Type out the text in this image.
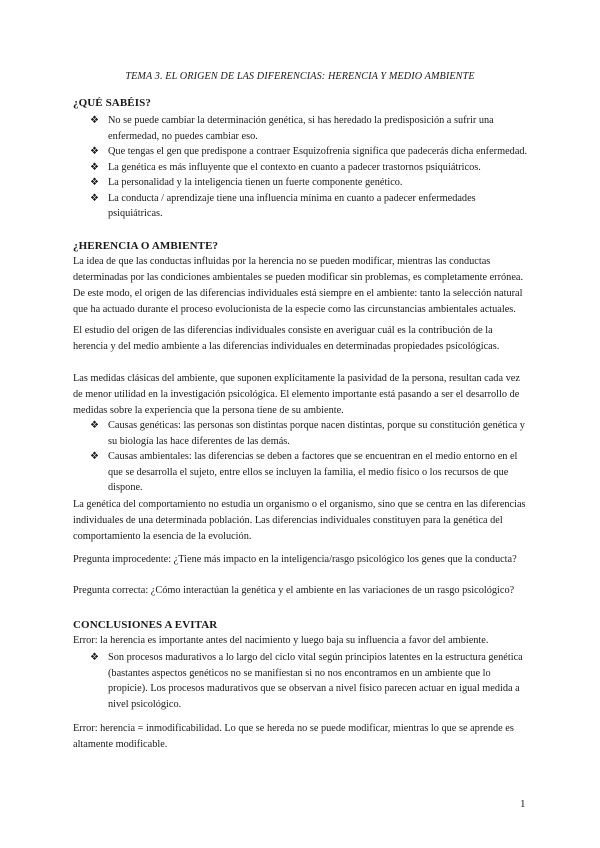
TEMA 3. EL ORIGEN DE LAS DIFERENCIAS: HERENCIA Y MEDIO AMBIENTE
¿QUÉ SABÉIS?
❖ No se puede cambiar la determinación genética, si has heredado la predisposición a sufrir una enfermedad, no puedes cambiar eso.
❖ Que tengas el gen que predispone a contraer Esquizofrenia significa que padecerás dicha enfermedad.
❖ La genética es más influyente que el contexto en cuanto a padecer trastornos psiquiátricos.
❖ La personalidad y la inteligencia tienen un fuerte componente genético.
❖ La conducta / aprendizaje tiene una influencia mínima en cuanto a padecer enfermedades psiquiátricas.
¿HERENCIA O AMBIENTE?
La idea de que las conductas influidas por la herencia no se pueden modificar, mientras las conductas determinadas por las condiciones ambientales se pueden modificar sin problemas, es completamente errónea. De este modo, el origen de las diferencias individuales está siempre en el ambiente: tanto la selección natural que ha actuado durante el proceso evolucionista de la especie como las circunstancias ambientales actuales.
El estudio del origen de las diferencias individuales consiste en averiguar cuál es la contribución de la herencia y del medio ambiente a las diferencias individuales en determinadas propiedades psicológicas.
Las medidas clásicas del ambiente, que suponen explícitamente la pasividad de la persona, resultan cada vez de menor utilidad en la investigación psicológica. El elemento importante está pasando a ser el desarrollo de medidas sobre la experiencia que la persona tiene de su ambiente.
❖ Causas genéticas: las personas son distintas porque nacen distintas, porque su constitución genética y su biología las hace diferentes de las demás.
❖ Causas ambientales: las diferencias se deben a factores que se encuentran en el medio entorno en el que se desarrolla el sujeto, entre ellos se incluyen la familia, el medio físico o los recursos de que dispone.
La genética del comportamiento no estudia un organismo o el organismo, sino que se centra en las diferencias individuales de una determinada población. Las diferencias individuales constituyen para la genética del comportamiento la esencia de la evolución.
Pregunta improcedente: ¿Tiene más impacto en la inteligencia/rasgo psicológico los genes que la conducta?
Pregunta correcta: ¿Cómo interactúan la genética y el ambiente en las variaciones de un rasgo psicológico?
CONCLUSIONES A EVITAR
Error: la herencia es importante antes del nacimiento y luego baja su influencia a favor del ambiente.
❖ Son procesos madurativos a lo largo del ciclo vital según principios latentes en la estructura genética (bastantes aspectos genéticos no se manifiestan si no nos encontramos en un ambiente que lo propicie). Los procesos madurativos que se observan a nivel físico parecen actuar en igual medida a nivel psicológico.
Error: herencia = inmodificabilidad. Lo que se hereda no se puede modificar, mientras lo que se aprende es altamente modificable.
1
